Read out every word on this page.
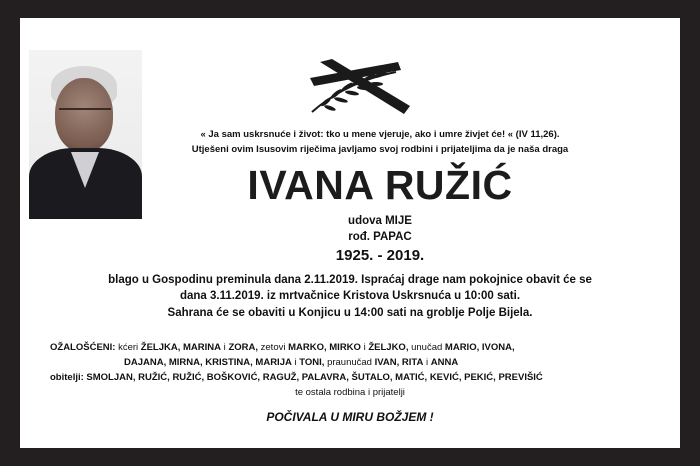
« Ja sam uskrsnuće i život: tko u mene vjeruje, ako i umre živjet će! « (IV 11,26).
Utješeni ovim Isusovim riječima javljamo svoj rodbini i prijateljima da je naša draga
IVANA RUŽIĆ
udova MIJE
rođ. PAPAC
1925. - 2019.
blago u Gospodinu preminula dana 2.11.2019. Ispraćaj drage nam pokojnice obavit će se
dana 3.11.2019. iz mrtvačnice Kristova Uskrsnuća u 10:00 sati.
Sahrana će se obaviti u Konjicu u 14:00 sati na groblje Polje Bijela.
OŽALOŠĆENI: kćeri ŽELJKA, MARINA i ZORA, zetovi MARKO, MIRKO i ŽELJKO, unučad MARIO, IVONA,
DAJANA, MIRNA, KRISTINA, MARIJA i TONI, praunučad IVAN, RITA i ANNA
obitelji: SMOLJAN, RUŽIĆ, RUŽIĆ, BOŠKOVIĆ, RAGUŽ, PALAVRA, ŠUTALO, MATIĆ, KEVIĆ, PEKIĆ, PREVIŠIĆ
te ostala rodbina i prijatelji
POČIVALA U MIRU BOŽJEM !
